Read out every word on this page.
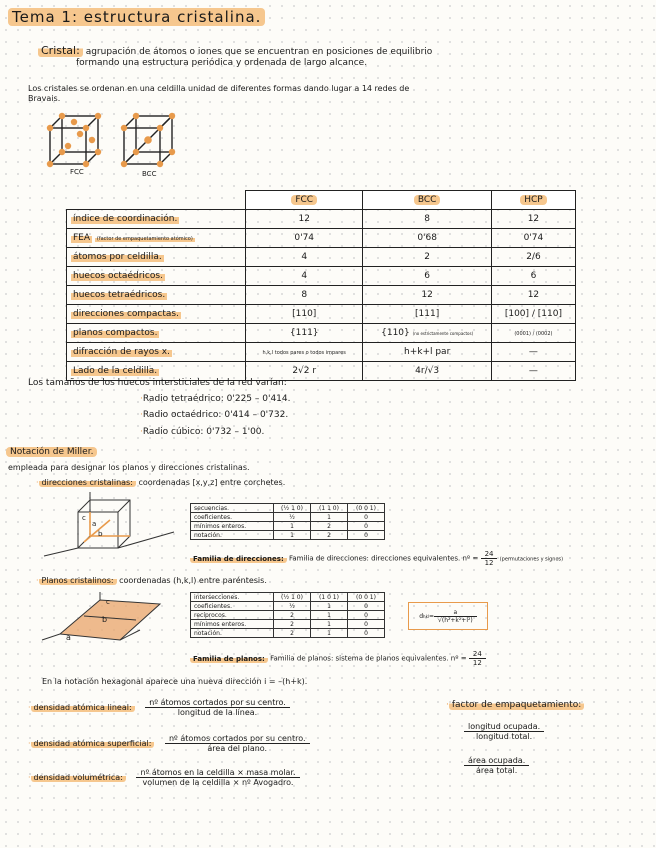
Tema 1: estructura cristalina.
Cristal: agrupación de átomos o iones que se encuentran en posiciones de equilibrio
formando una estructura periódica y ordenada de largo alcance.
Los cristales se ordenan en una celdilla unidad de diferentes formas dando lugar a 14 redes de
Bravais.
FCC	BCC
	FCC	BCC	HCP
índice de coordinación.	12	8	12
FEA (factor de empaquetamiento atómico)	0'74	0'68	0'74
átomos por celdilla.	4	2	2/6
huecos octaédricos.	4	6	6
huecos tetraédricos.	8	12	12
direcciones compactas.	[110]	[111]	[100] / [110]
planos compactos.	{111}	{110} (no estrictamente compactos)	(0001) / (0002)
difracción de rayos x.	h,k,l todos pares o todos impares	h+k+l par	—
Lado de la celdilla.	2√2 r	4r/√3	—
Los tamaños de los huecos intersticiales de la red varían:
·Radio tetraédrico: 0'225 – 0'414.
·Radio octaédrico: 0'414 – 0'732.
·Radio cúbico: 0'732 – 1'00.
Notación de Miller.
empleada para designar los planos y direcciones cristalinas.
· direcciones cristalinas: coordenadas [x,y,z] entre corchetes.
a
b
c
secuencias.	(½ 1 0)	(1 1 0)	(0 0 1)
coeficientes.	½	1	0
mínimos enteros.	1	2	0
notación.	1	2	0
Familia de direcciones: Familia de direcciones: direcciones equivalentes. nº = $\frac{24}{12}$ (permutaciones y signos)
· Planos cristalinos: coordenadas (h,k,l) entre paréntesis.
b
a
c
intersecciones.	(½ 1 0)	(1 0 1)	(0 0 1)
coeficientes.	½	1	0
recíprocos.	2	1	0
mínimos enteros.	2	1	0
notación.	2	1	0
d hkl = $\frac{a}{\text{√(h²+k²+l²)}}$
Familia de planos: Familia de planos: sistema de planos equivalentes. nº = $\frac{24}{12}$
En la notación hexagonal aparece una nueva dirección i = –(h+k).
· densidad atómica lineal: $\frac{\text{nº átomos cortados por su centro.}}{\text{longitud de la línea.}}$
· densidad atómica superficial: $\frac{\text{nº átomos cortados por su centro.}}{\text{área del plano.}}$
· densidad volumétrica: $\frac{\text{nº átomos en la celdilla × masa molar.}}{\text{volumen de la celdilla × nº Avogadro.}}$
· factor de empaquetamiento:
$\frac{\text{longitud ocupada.}}{\text{longitud total.}}$
$\frac{\text{área ocupada.}}{\text{área total.}}$
